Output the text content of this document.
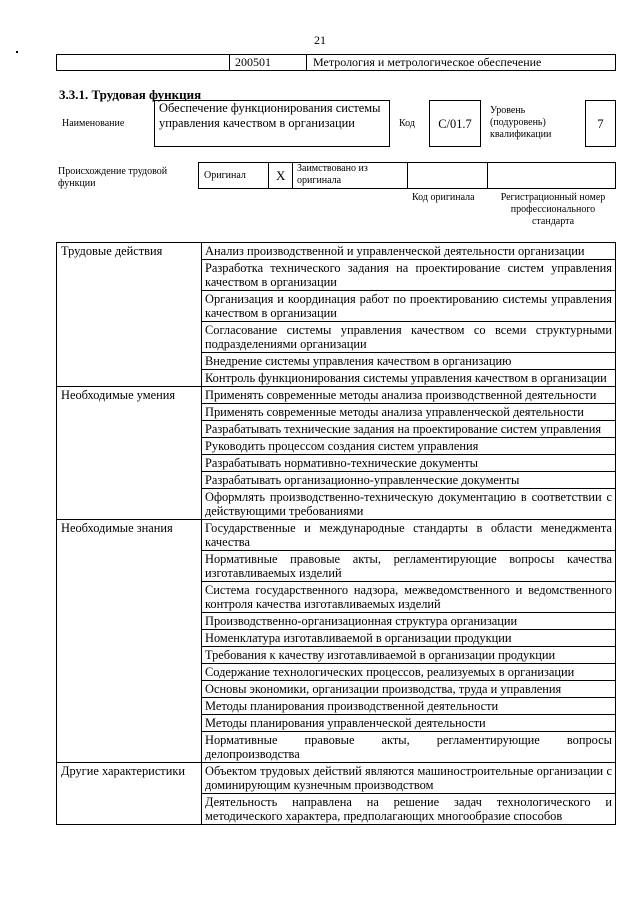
21
200501	Метрология и метрологическое обеспечение
3.3.1. Трудовая функция
Наименование
Обеспечение функционирования системы управления качеством в организации	Код	С/01.7
Уровень (подуровень) квалификации
7
Происхождение трудовой функции
Оригинал X Заимствовано из оригинала
Код оригинала	Регистрационный номер профессионального стандарта
Трудовые действия	Анализ производственной и управленческой деятельности организации
	Разработка технического задания на проектирование систем управления качеством в организации
	Организация и координация работ по проектированию системы управления качеством в организации
	Согласование системы управления качеством со всеми структурными подразделениями организации
	Внедрение системы управления качеством в организацию
	Контроль функционирования системы управления качеством в организации
Необходимые умения	Применять современные методы анализа производственной деятельности
	Применять современные методы анализа управленческой деятельности
	Разрабатывать технические задания на проектирование систем управления
	Руководить процессом создания систем управления
	Разрабатывать нормативно-технические документы
	Разрабатывать организационно-управленческие документы
	Оформлять производственно-техническую документацию в соответствии с действующими требованиями
Необходимые знания	Государственные и международные стандарты в области менеджмента качества
	Нормативные правовые акты, регламентирующие вопросы качества изготавливаемых изделий
	Система государственного надзора, межведомственного и ведомственного контроля качества изготавливаемых изделий
	Производственно-организационная структура организации
	Номенклатура изготавливаемой в организации продукции
	Требования к качеству изготавливаемой в организации продукции
	Содержание технологических процессов, реализуемых в организации
	Основы экономики, организации производства, труда и управления
	Методы планирования производственной деятельности
	Методы планирования управленческой деятельности
	Нормативные правовые акты, регламентирующие вопросы делопроизводства
Другие характеристики	Объектом трудовых действий являются машиностроительные организации с доминирующим кузнечным производством
	Деятельность направлена на решение задач технологического и методического характера, предполагающих многообразие способов
